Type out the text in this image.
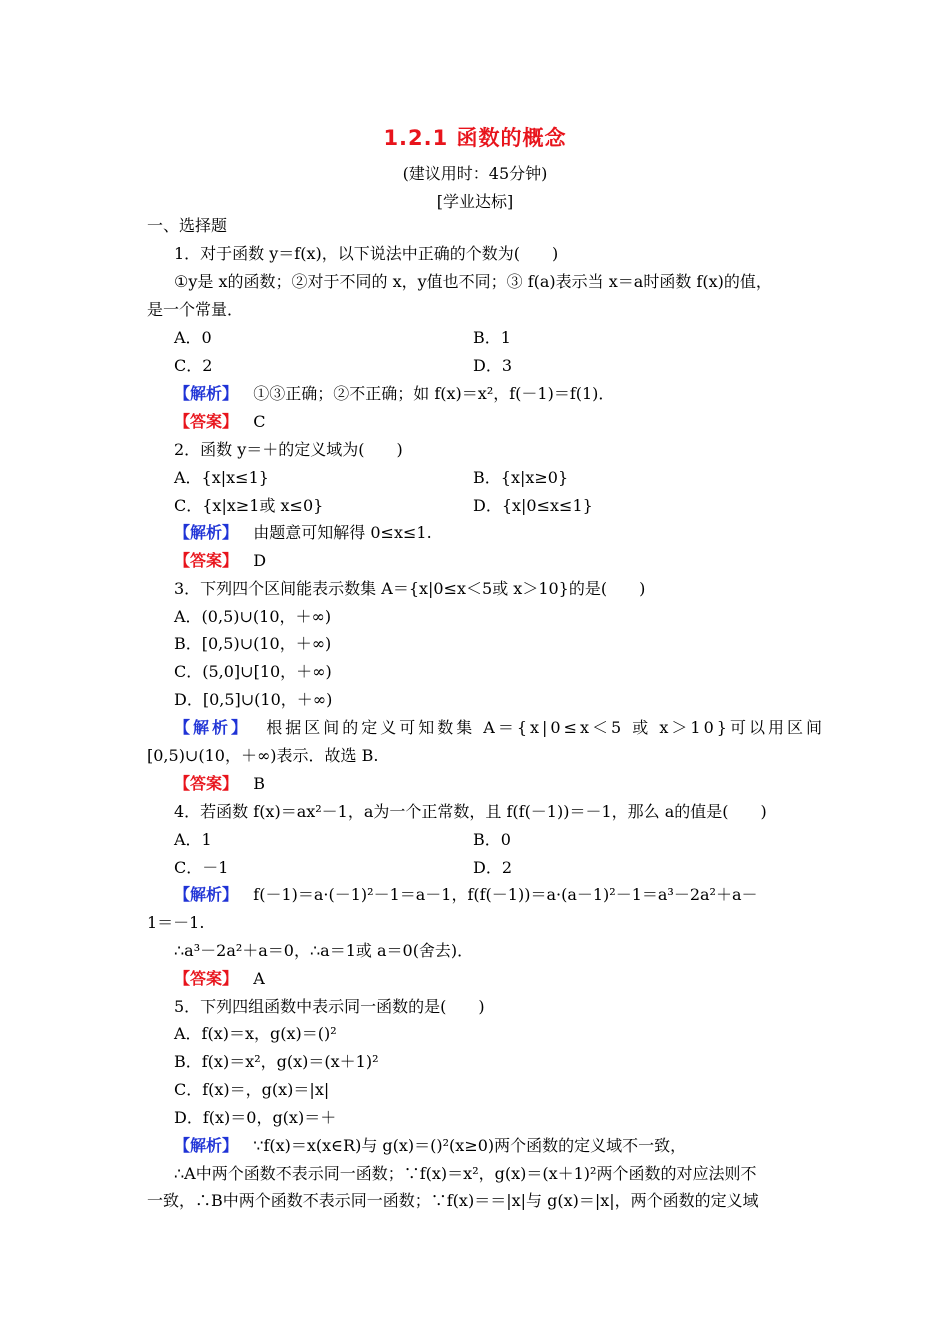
1.2.1 函数的概念
(建议用时：45分钟)
[学业达标]
一、选择题
1．对于函数 y＝f(x)，以下说法中正确的个数为(　　)
①y是 x的函数；②对于不同的 x，y值也不同；③ f(a)表示当 x＝a时函数 f(x)的值，
是一个常量．
A．0	B．1
C．2	D．3
【解析】 ①③正确；②不正确；如 f(x)＝x²，f(－1)＝f(1)．
【答案】 C
2．函数 y＝＋的定义域为(　　)
A．{x|x≤1}	B．{x|x≥0}
C．{x|x≥1或 x≤0}	D．{x|0≤x≤1}
【解析】 由题意可知解得 0≤x≤1.
【答案】 D
3．下列四个区间能表示数集 A＝{x|0≤x＜5或 x＞10}的是(　　)
A．(0,5)∪(10，＋∞)
B．[0,5)∪(10，＋∞)
C．(5,0]∪[10，＋∞)
D．[0,5]∪(10，＋∞)
【解析】 根据区间的定义可知数集 A＝{x|0≤x＜5 或 x＞10}可以用区间
[0,5)∪(10，＋∞)表示．故选 B.
【答案】 B
4．若函数 f(x)＝ax²－1，a为一个正常数，且 f(f(－1))＝－1，那么 a的值是(　　)
A．1	B．0
C．－1	D．2
【解析】 f(－1)＝a·(－1)²－1＝a－1，f(f(－1))＝a·(a－1)²－1＝a³－2a²＋a－
1＝－1.
∴a³－2a²＋a＝0，∴a＝1或 a＝0(舍去)．
【答案】 A
5．下列四组函数中表示同一函数的是(　　)
A．f(x)＝x，g(x)＝()²
B．f(x)＝x²，g(x)＝(x＋1)²
C．f(x)＝，g(x)＝|x|
D．f(x)＝0，g(x)＝＋
【解析】 ∵f(x)＝x(x∈R)与 g(x)＝()²(x≥0)两个函数的定义域不一致，
∴A中两个函数不表示同一函数；∵f(x)＝x²，g(x)＝(x＋1)²两个函数的对应法则不
一致，∴B中两个函数不表示同一函数；∵f(x)＝＝|x|与 g(x)＝|x|，两个函数的定义域
